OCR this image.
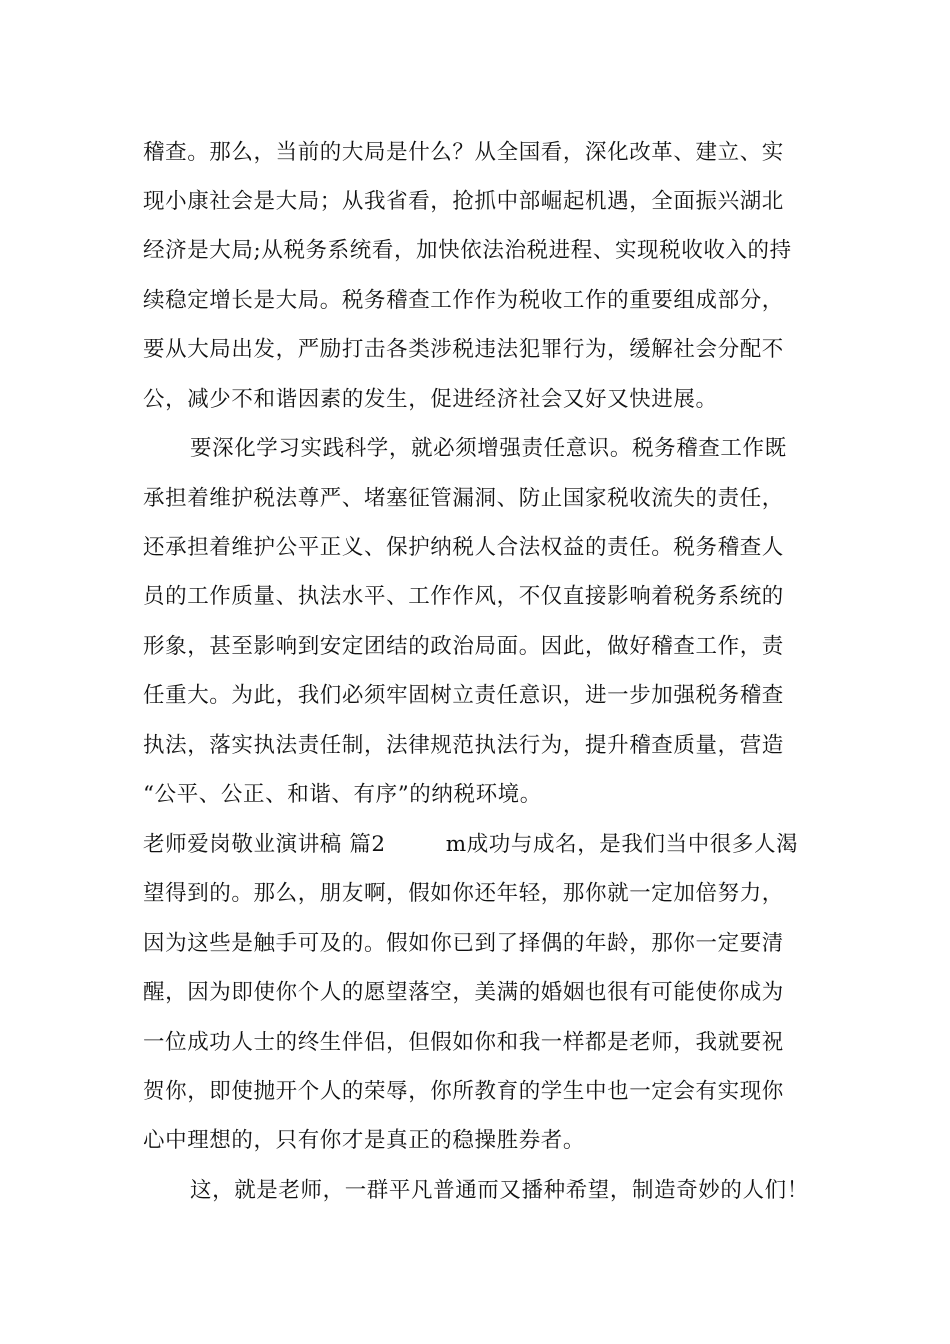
稽查。那么，当前的大局是什么？从全国看，深化改革、建立、实
现小康社会是大局；从我省看，抢抓中部崛起机遇，全面振兴湖北
经济是大局;从税务系统看，加快依法治税进程、实现税收收入的持
续稳定增长是大局。税务稽查工作作为税收工作的重要组成部分，
要从大局出发，严励打击各类涉税违法犯罪行为，缓解社会分配不
公，减少不和谐因素的发生，促进经济社会又好又快进展。
要深化学习实践科学，就必须增强责任意识。税务稽查工作既
承担着维护税法尊严、堵塞征管漏洞、防止国家税收流失的责任，
还承担着维护公平正义、保护纳税人合法权益的责任。税务稽查人
员的工作质量、执法水平、工作作风，不仅直接影响着税务系统的
形象，甚至影响到安定团结的政治局面。因此，做好稽查工作，责
任重大。为此，我们必须牢固树立责任意识，进一步加强税务稽查
执法，落实执法责任制，法律规范执法行为，提升稽查质量，营造
“公平、公正、和谐、有序”的纳税环境。
老师爱岗敬业演讲稿 篇2	m成功与成名，是我们当中很多人渴
望得到的。那么，朋友啊，假如你还年轻，那你就一定加倍努力，
因为这些是触手可及的。假如你已到了择偶的年龄，那你一定要清
醒，因为即使你个人的愿望落空，美满的婚姻也很有可能使你成为
一位成功人士的终生伴侣，但假如你和我一样都是老师，我就要祝
贺你，即使抛开个人的荣辱，你所教育的学生中也一定会有实现你
心中理想的，只有你才是真正的稳操胜券者。
这，就是老师，一群平凡普通而又播种希望，制造奇妙的人们！
